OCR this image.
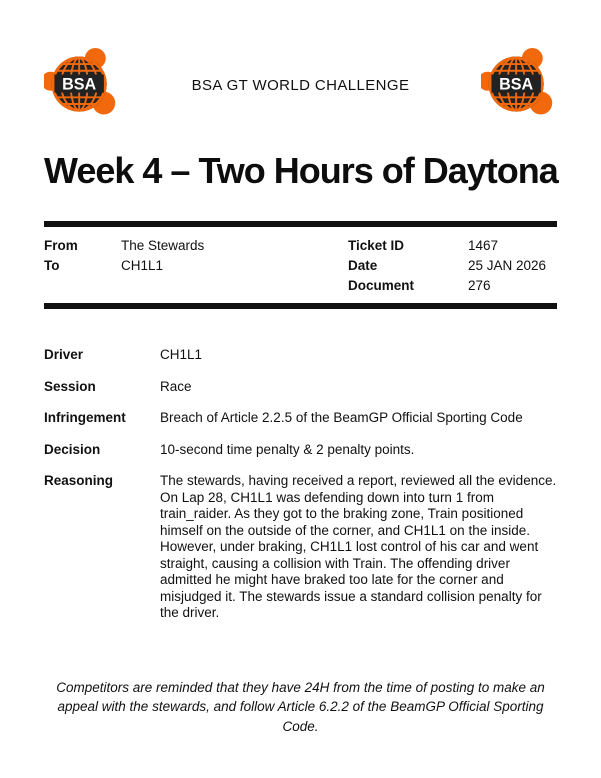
BSA	BSA GT WORLD CHALLENGE	BSA
Week 4 – Two Hours of Daytona
From	The Stewards
To	CH1L1
Ticket ID	1467
Date	25 JAN 2026
Document	276
Driver	CH1L1
Session	Race
Infringement	Breach of Article 2.2.5 of the BeamGP Official Sporting Code
Decision	10-second time penalty & 2 penalty points.
Reasoning	The stewards, having received a report, reviewed all the evidence. On Lap 28, CH1L1 was defending down into turn 1 from train_raider. As they got to the braking zone, Train positioned himself on the outside of the corner, and CH1L1 on the inside. However, under braking, CH1L1 lost control of his car and went straight, causing a collision with Train. The offending driver admitted he might have braked too late for the corner and misjudged it. The stewards issue a standard collision penalty for the driver.

Competitors are reminded that they have 24H from the time of posting to make an appeal with the stewards, and follow Article 6.2.2 of the BeamGP Official Sporting Code.
